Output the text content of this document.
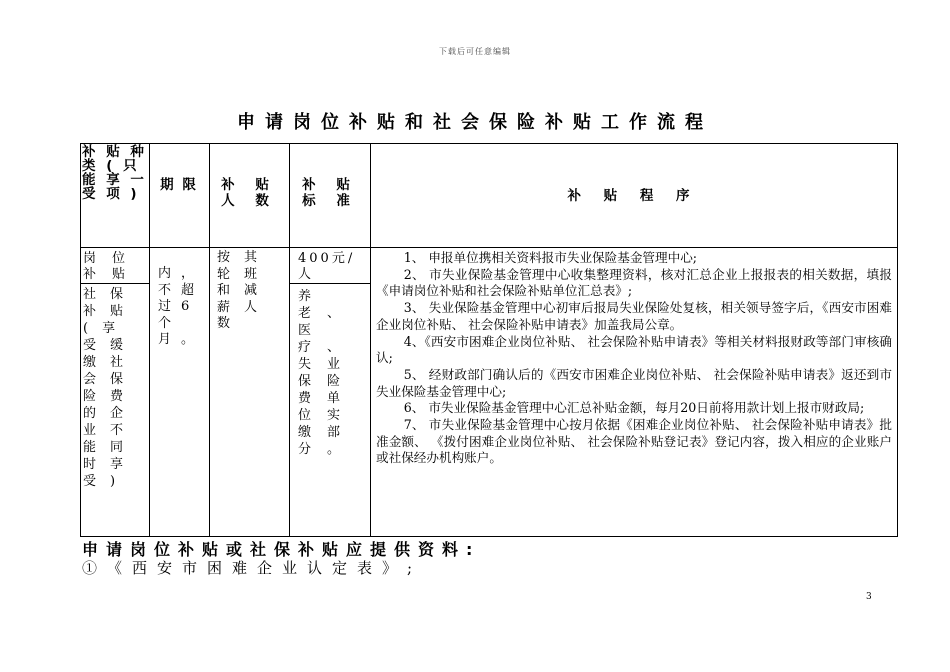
下载后可任意编辑
申请岗位补贴和社会保险补贴工作流程
补 贴 种 类 ( 只 能 享 一 受 项 )
期 限	补 贴 人 数
补 贴 标 准	补 贴 程 序
岗位补贴
社保补贴(享受缓缴社会保险费的企业不能同时享受)
内，不超过6个月。
按其轮班和减薪人数
400元/人
养老、医疗、失业保险费单位实缴部分。

1、 申报单位携相关资料报市失业保险基金管理中心;

2、 市失业保险基金管理中心收集整理资料，核对汇总企业上报报表的相关数据，填报《申请岗位补贴和社会保险补贴单位汇总表》;

3、 失业保险基金管理中心初审后报局失业保险处复核，相关领导签字后，《西安市困难企业岗位补贴、 社会保险补贴申请表》加盖我局公章。

4、《西安市困难企业岗位补贴、 社会保险补贴申请表》等相关材料报财政等部门审核确认;

5、 经财政部门确认后的《西安市困难企业岗位补贴、 社会保险补贴申请表》返还到市失业保险基金管理中心;

6、 市失业保险基金管理中心汇总补贴金额，每月20日前将用款计划上报市财政局;

7、 市失业保险基金管理中心按月依据《困难企业岗位补贴、 社会保险补贴申请表》批准金额、 《拨付困难企业岗位补贴、 社会保险补贴登记表》登记内容，拨入相应的企业账户或社保经办机构账户。

申请岗位补贴或社保补贴应提供资料:
①《西安市困难企业认定表》;
3
